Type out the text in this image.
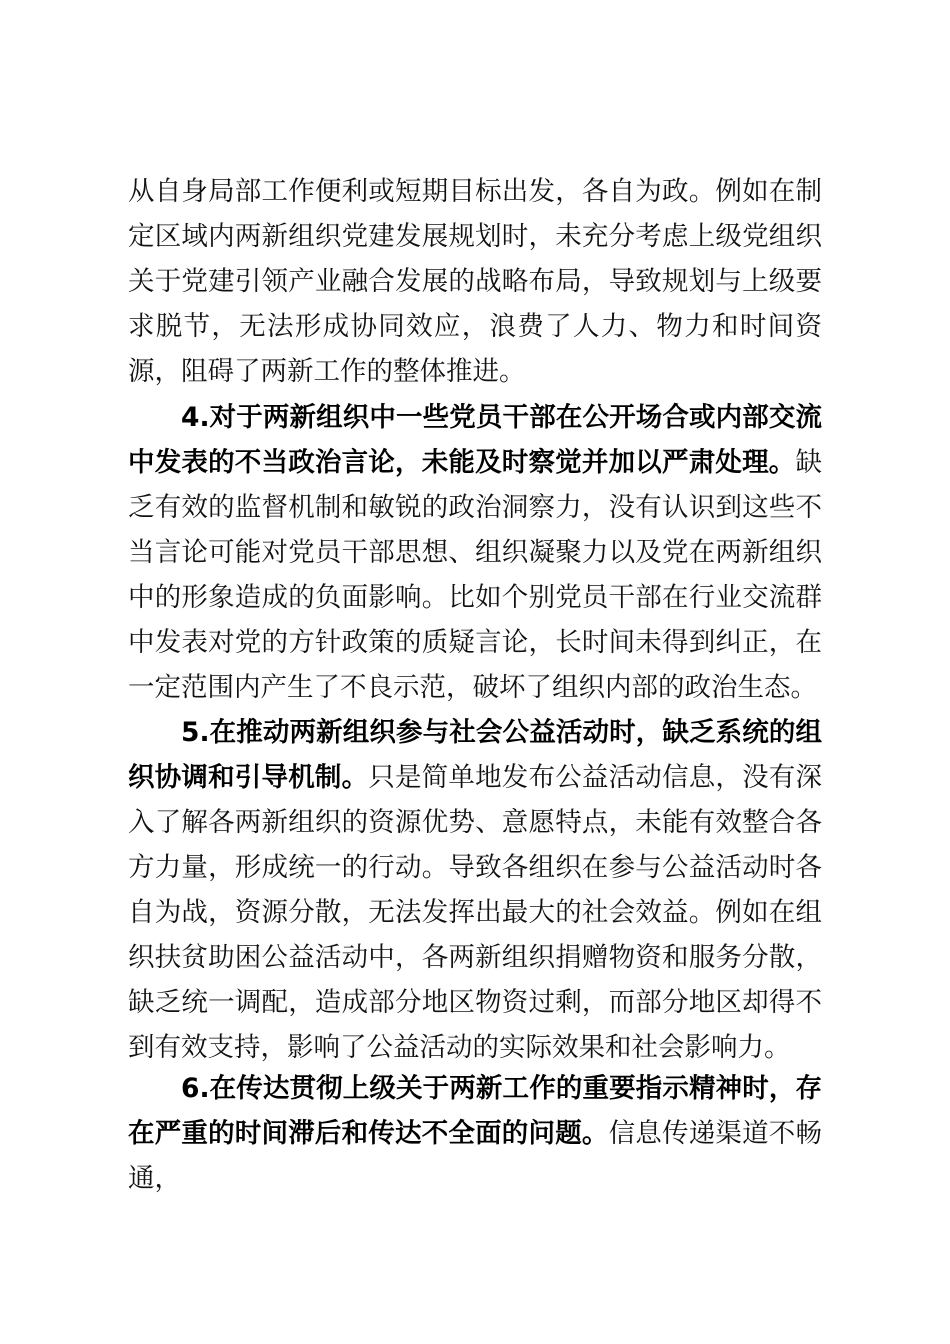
从自身局部工作便利或短期目标出发，各自为政。例如在制定区域内两新组织党建发展规划时，未充分考虑上级党组织关于党建引领产业融合发展的战略布局，导致规划与上级要求脱节，无法形成协同效应，浪费了人力、物力和时间资源，阻碍了两新工作的整体推进。

4.对于两新组织中一些党员干部在公开场合或内部交流中发表的不当政治言论，未能及时察觉并加以严肃处理。缺乏有效的监督机制和敏锐的政治洞察力，没有认识到这些不当言论可能对党员干部思想、组织凝聚力以及党在两新组织中的形象造成的负面影响。比如个别党员干部在行业交流群中发表对党的方针政策的质疑言论，长时间未得到纠正，在一定范围内产生了不良示范，破坏了组织内部的政治生态。

5.在推动两新组织参与社会公益活动时，缺乏系统的组织协调和引导机制。只是简单地发布公益活动信息，没有深入了解各两新组织的资源优势、意愿特点，未能有效整合各方力量，形成统一的行动。导致各组织在参与公益活动时各自为战，资源分散，无法发挥出最大的社会效益。例如在组织扶贫助困公益活动中，各两新组织捐赠物资和服务分散，缺乏统一调配，造成部分地区物资过剩，而部分地区却得不到有效支持，影响了公益活动的实际效果和社会影响力。

6.在传达贯彻上级关于两新工作的重要指示精神时，存在严重的时间滞后和传达不全面的问题。信息传递渠道不畅通，
